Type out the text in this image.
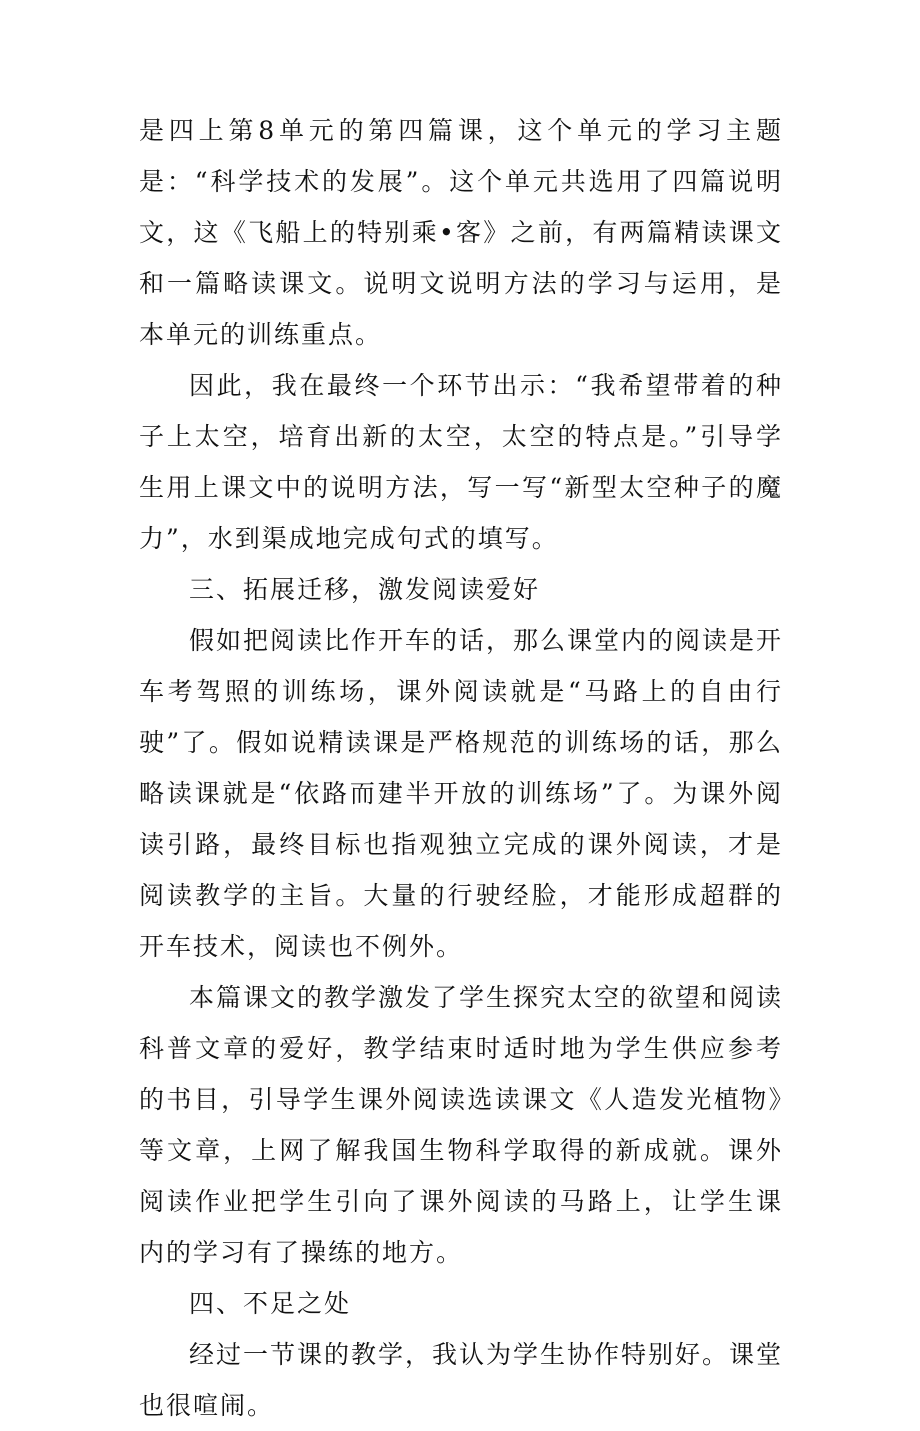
是四上第8单元的第四篇课，这个单元的学习主题是：“科学技术的发展”。这个单元共选用了四篇说明文，这《飞船上的特别乘•客》之前，有两篇精读课文和一篇略读课文。说明文说明方法的学习与运用，是本单元的训练重点。

因此，我在最终一个环节出示：“我希望带着的种子上太空，培育出新的太空，太空的特点是。”引导学生用上课文中的说明方法，写一写“新型太空种子的魔力”，水到渠成地完成句式的填写。

三、拓展迁移，激发阅读爱好

假如把阅读比作开车的话，那么课堂内的阅读是开车考驾照的训练场，课外阅读就是“马路上的自由行驶”了。假如说精读课是严格规范的训练场的话，那么略读课就是“依路而建半开放的训练场”了。为课外阅读引路，最终目标也指观独立完成的课外阅读，才是阅读教学的主旨。大量的行驶经脸，才能形成超群的开车技术，阅读也不例外。

本篇课文的教学激发了学生探究太空的欲望和阅读科普文章的爱好，教学结束时适时地为学生供应参考的书目，引导学生课外阅读选读课文《人造发光植物》等文章，上网了解我国生物科学取得的新成就。课外阅读作业把学生引向了课外阅读的马路上，让学生课内的学习有了操练的地方。

四、不足之处

经过一节课的教学，我认为学生协作特别好。课堂也很喧闹。
